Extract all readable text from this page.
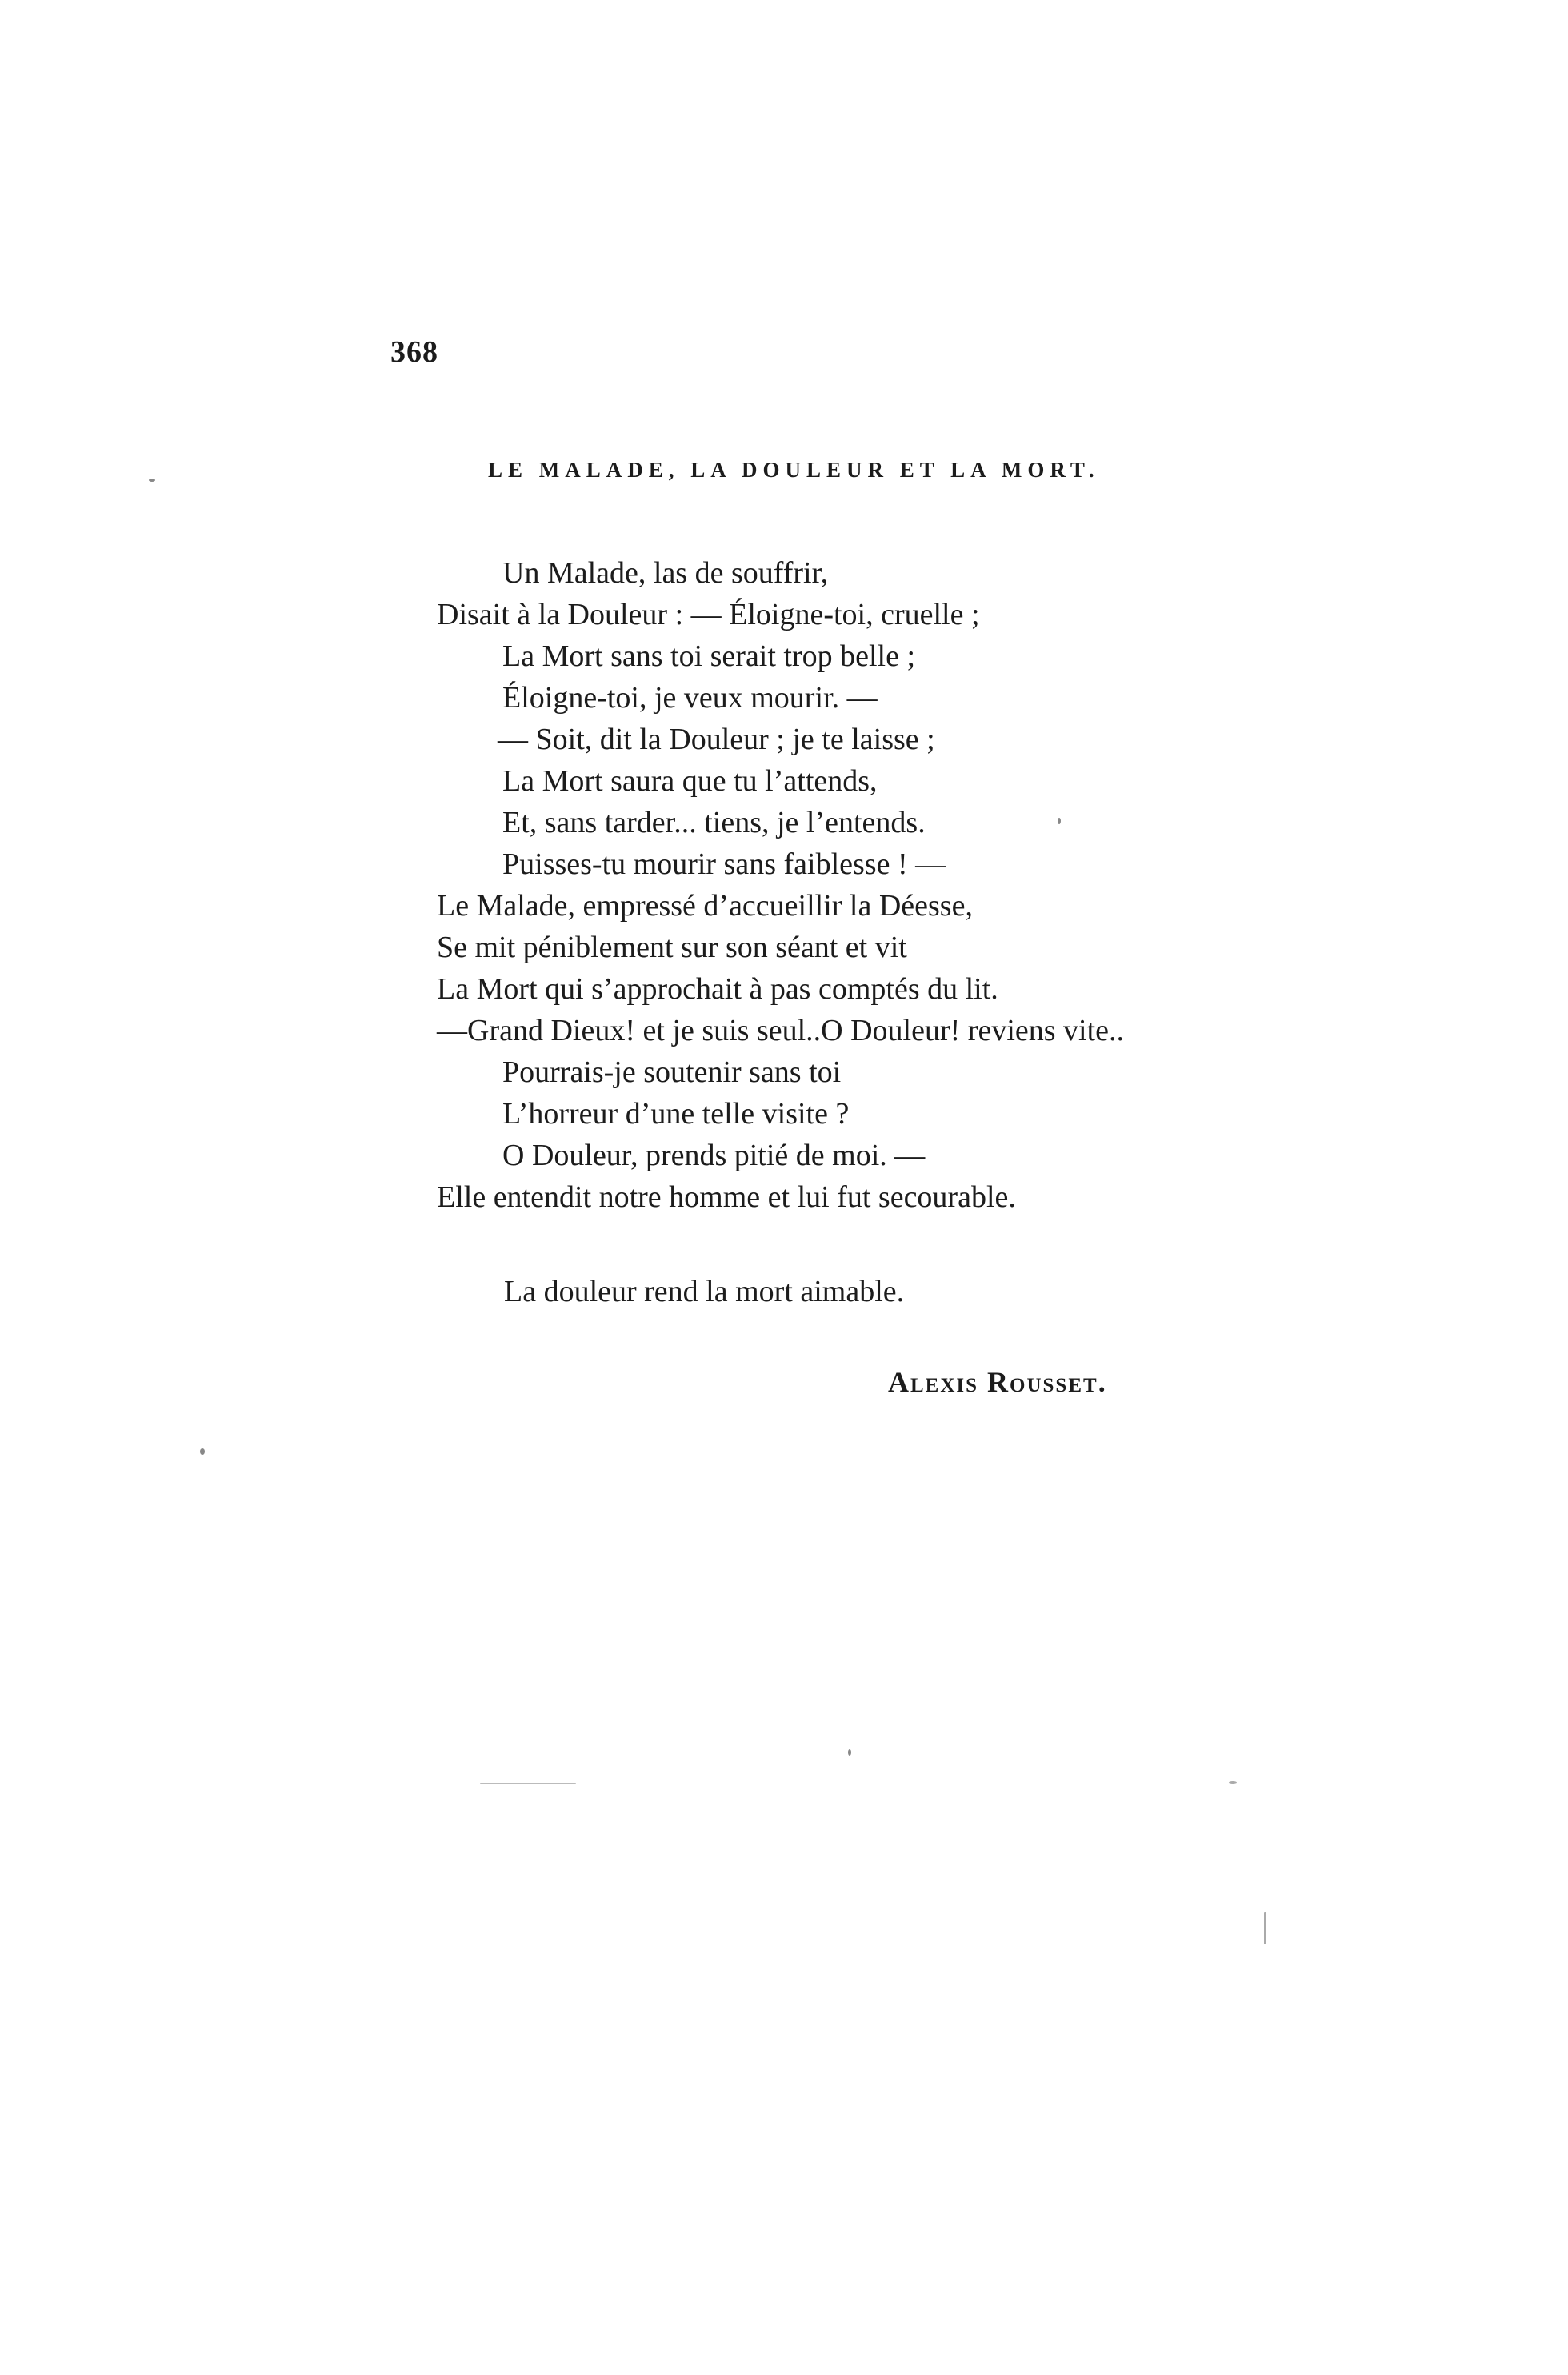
368
LE MALADE, LA DOULEUR ET LA MORT.
Un Malade, las de souffrir,
Disait à la Douleur : — Éloigne-toi, cruelle ;
La Mort sans toi serait trop belle ;
Éloigne-toi, je veux mourir. —
— Soit, dit la Douleur ; je te laisse ;
La Mort saura que tu l’attends,
Et, sans tarder... tiens, je l’entends.
Puisses-tu mourir sans faiblesse ! —
Le Malade, empressé d’accueillir la Déesse,
Se mit péniblement sur son séant et vit
La Mort qui s’approchait à pas comptés du lit.
—Grand Dieux! et je suis seul..O Douleur! reviens vite..
Pourrais-je soutenir sans toi
L’horreur d’une telle visite ?
O Douleur, prends pitié de moi. —
Elle entendit notre homme et lui fut secourable.
La douleur rend la mort aimable.
Alexis Rousset.
